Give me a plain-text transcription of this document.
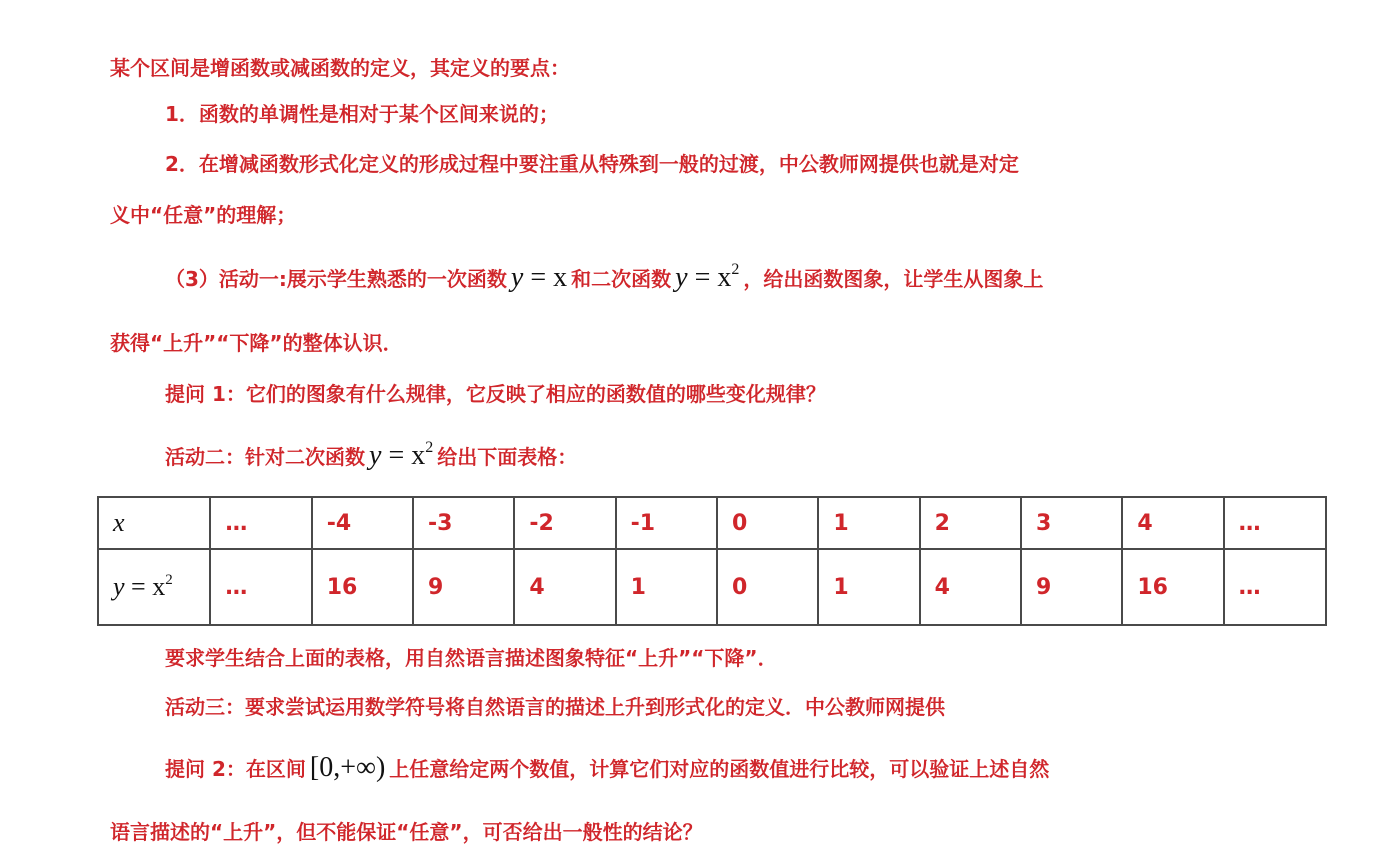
某个区间是增函数或减函数的定义，其定义的要点：
1．函数的单调性是相对于某个区间来说的；
2．在增减函数形式化定义的形成过程中要注重从特殊到一般的过渡，中公教师网提供也就是对定
义中“任意”的理解；
（3）活动一:展示学生熟悉的一次函数 y = x 和二次函数 $y = x^2$ ，给出函数图象，让学生从图象上
获得“上升”“下降”的整体认识．
提问 1：它们的图象有什么规律，它反映了相应的函数值的哪些变化规律？
活动二：针对二次函数 $y = x^2$ 给出下面表格：
x	…	-4	-3	-2	-1	0	1	2	3	4	…
$y = x^2$	…	16	9	4	1	0	1	4	9	16	…
要求学生结合上面的表格，用自然语言描述图象特征“上升”“下降”．
活动三：要求尝试运用数学符号将自然语言的描述上升到形式化的定义．中公教师网提供
提问 2：在区间 [0,+∞) 上任意给定两个数值，计算它们对应的函数值进行比较，可以验证上述自然
语言描述的“上升”，但不能保证“任意”，可否给出一般性的结论？
